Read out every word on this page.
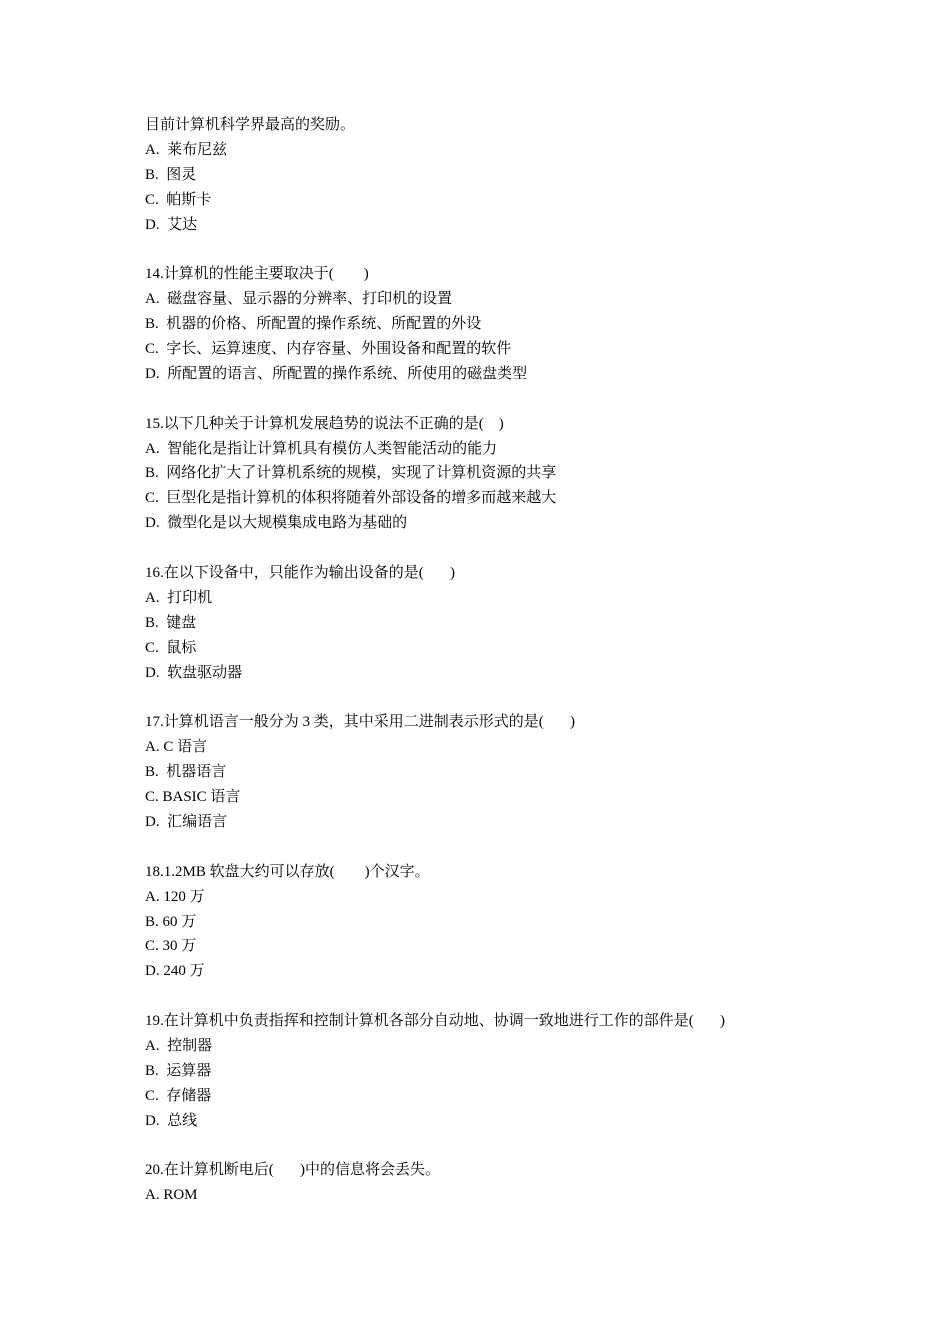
目前计算机科学界最高的奖励。
A.  莱布尼兹
B.  图灵
C.  帕斯卡
D.  艾达
14.计算机的性能主要取决于(        )
A.  磁盘容量、显示器的分辨率、打印机的设置
B.  机器的价格、所配置的操作系统、所配置的外设
C.  字长、运算速度、内存容量、外围设备和配置的软件
D.  所配置的语言、所配置的操作系统、所使用的磁盘类型
15.以下几种关于计算机发展趋势的说法不正确的是(    )
A.  智能化是指让计算机具有模仿人类智能活动的能力
B.  网络化扩大了计算机系统的规模，实现了计算机资源的共享
C.  巨型化是指计算机的体积将随着外部设备的增多而越来越大
D.  微型化是以大规模集成电路为基础的
16.在以下设备中，只能作为输出设备的是(       )
A.  打印机
B.  键盘
C.  鼠标
D.  软盘驱动器
17.计算机语言一般分为 3 类，其中采用二进制表示形式的是(       )
A. C 语言
B.  机器语言
C. BASIC 语言
D.  汇编语言
18.1.2MB 软盘大约可以存放(        )个汉字。
A. 120 万
B. 60 万
C. 30 万
D. 240 万
19.在计算机中负责指挥和控制计算机各部分自动地、协调一致地进行工作的部件是(       )
A.  控制器
B.  运算器
C.  存储器
D.  总线
20.在计算机断电后(       )中的信息将会丢失。
A. ROM
